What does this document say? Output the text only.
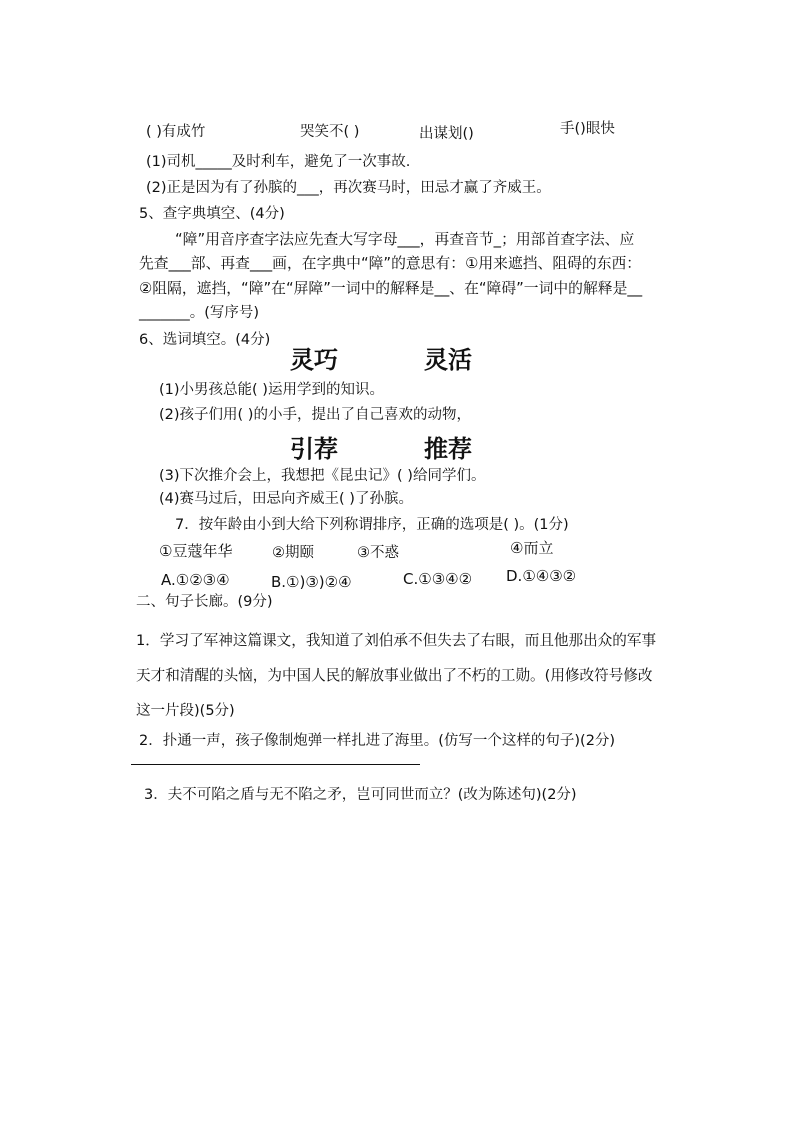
( )有成竹	哭笑不( )	出谋划()	手()眼快
(1)司机_____及时利车，避免了一次事故.
(2)正是因为有了孙膑的___，再次赛马时，田忌才赢了齐威王。
5、查字典填空、(4分)
“障”用音序查字法应先查大写字母___，再查音节_；用部首查字法、应
先查___部、再查___画，在字典中“障”的意思有：①用来遮挡、阻碍的东西：
②阻隔，遮挡，“障”在“屏障”一词中的解释是__、在“障碍”一词中的解释是__
_______。(写序号)
6、选词填空。(4分)
灵巧	灵活
(1)小男孩总能( )运用学到的知识。
(2)孩子们用( )的小手，提出了自己喜欢的动物，
引荐	推荐
(3)下次推介会上，我想把《昆虫记》( )给同学们。
(4)赛马过后，田忌向齐威王( )了孙膑。
7．按年龄由小到大给下列称谓排序，正确的选项是( )。(1分)
①豆蔻年华	②期颐	③不惑	④而立
A.①②③④	B.①)③)②④	C.①③④② D.①④③②
二、句子长廊。(9分)
1．学习了军神这篇课文，我知道了刘伯承不但失去了右眼，而且他那出众的军事
天才和清醒的头恼，为中国人民的解放事业做出了不朽的工勋。(用修改符号修改
这一片段)(5分)
2．扑通一声，孩子像制炮弹一样扎进了海里。(仿写一个这样的句子)(2分)
3．夫不可陷之盾与无不陷之矛，岂可同世而立？(改为陈述句)(2分)
